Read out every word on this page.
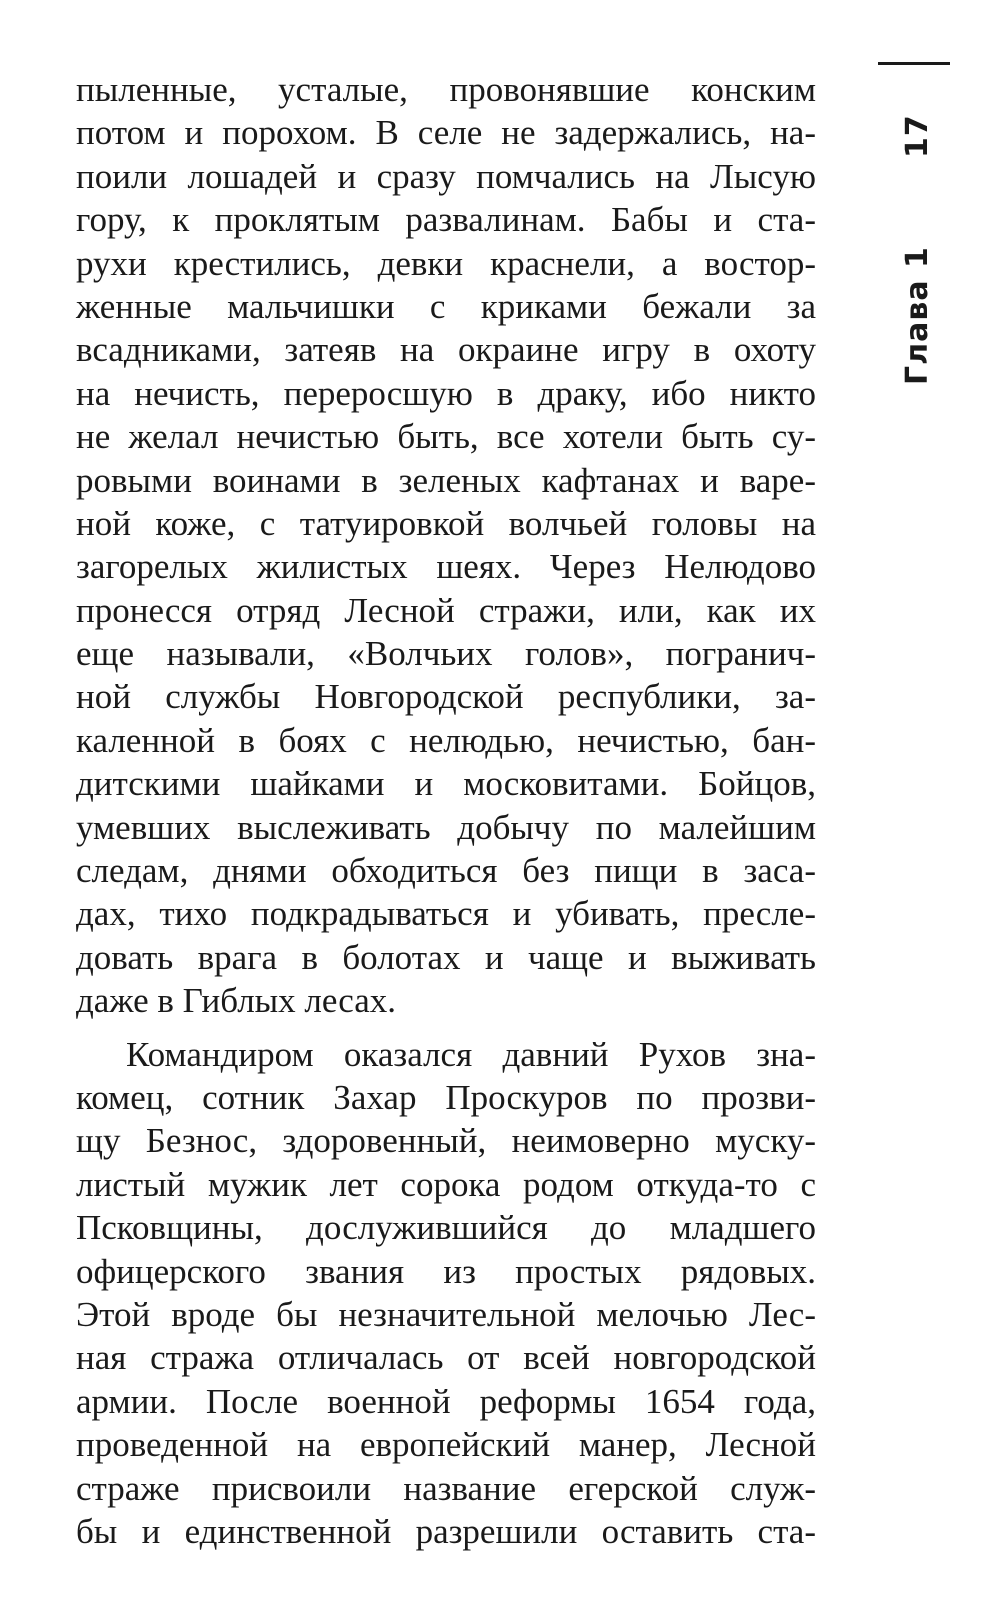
17
Глава 1
пыленные, усталые, провонявшие конским
потом и порохом. В селе не задержались, на-
поили лошадей и сразу помчались на Лысую
гору, к проклятым развалинам. Бабы и ста-
рухи крестились, девки краснели, а востор-
женные мальчишки с криками бежали за
всадниками, затеяв на окраине игру в охоту
на нечисть, переросшую в драку, ибо никто
не желал нечистью быть, все хотели быть су-
ровыми воинами в зеленых кафтанах и варе-
ной коже, с татуировкой волчьей головы на
загорелых жилистых шеях. Через Нелюдово
пронесся отряд Лесной стражи, или, как их
еще называли, «Волчьих голов», погранич-
ной службы Новгородской республики, за-
каленной в боях с нелюдью, нечистью, бан-
дитскими шайками и московитами. Бойцов,
умевших выслеживать добычу по малейшим
следам, днями обходиться без пищи в заса-
дах, тихо подкрадываться и убивать, пресле-
довать врага в болотах и чаще и выживать
даже в Гиблых лесах.
Командиром оказался давний Рухов зна-
комец, сотник Захар Проскуров по прозви-
щу Безнос, здоровенный, неимоверно муску-
листый мужик лет сорока родом откуда-то с
Псковщины, дослужившийся до младшего
офицерского звания из простых рядовых.
Этой вроде бы незначительной мелочью Лес-
ная стража отличалась от всей новгородской
армии. После военной реформы 1654 года,
проведенной на европейский манер, Лесной
страже присвоили название егерской служ-
бы и единственной разрешили оставить ста-
